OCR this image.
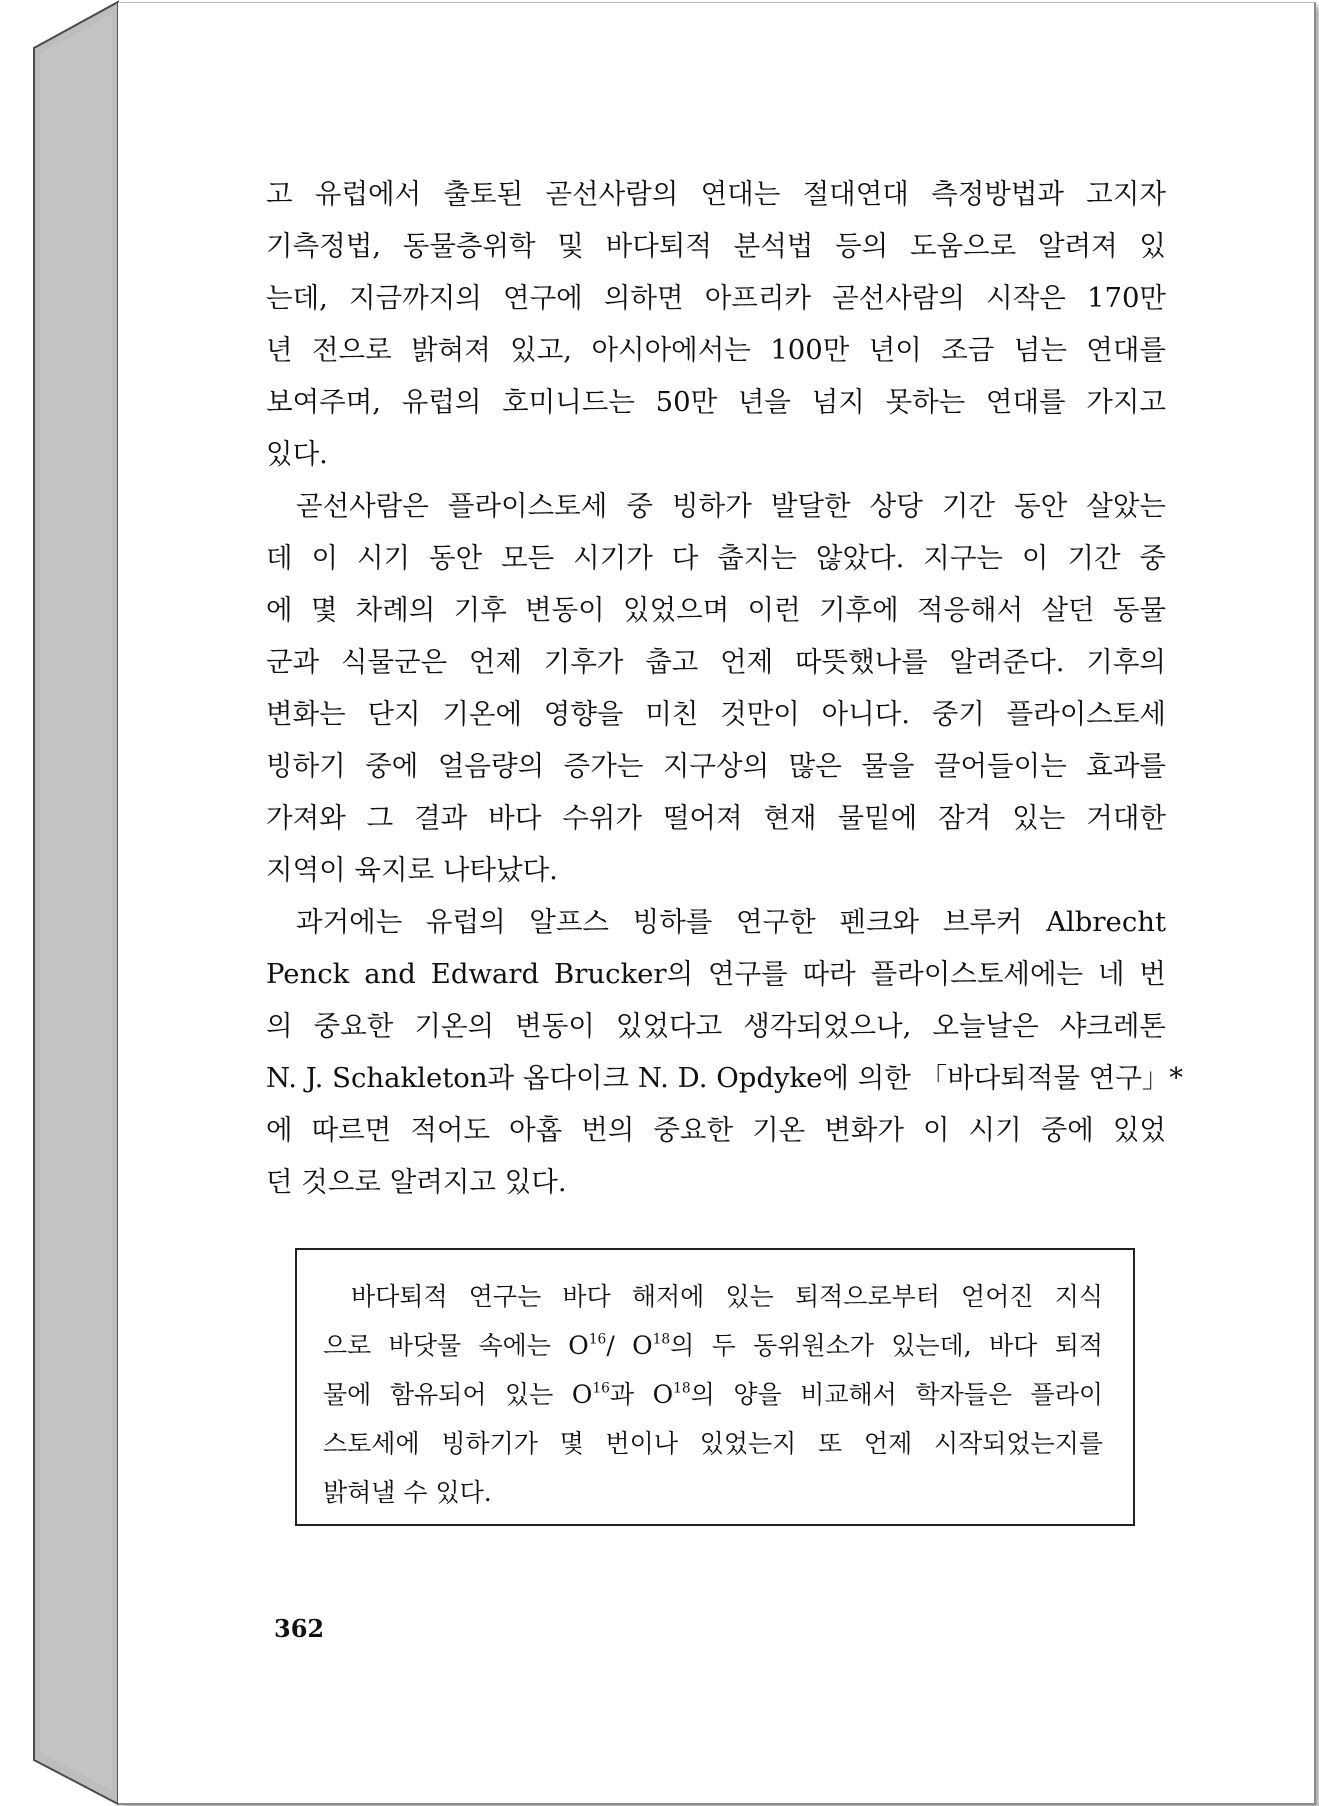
고 유럽에서 출토된 곧선사람의 연대는 절대연대 측정방법과 고지자
기측정법, 동물층위학 및 바다퇴적 분석법 등의 도움으로 알려져 있
는데, 지금까지의 연구에 의하면 아프리카 곧선사람의 시작은 170만
년 전으로 밝혀져 있고, 아시아에서는 100만 년이 조금 넘는 연대를
보여주며, 유럽의 호미니드는 50만 년을 넘지 못하는 연대를 가지고
있다.

곧선사람은 플라이스토세 중 빙하가 발달한 상당 기간 동안 살았는
데 이 시기 동안 모든 시기가 다 춥지는 않았다. 지구는 이 기간 중
에 몇 차례의 기후 변동이 있었으며 이런 기후에 적응해서 살던 동물
군과 식물군은 언제 기후가 춥고 언제 따뜻했나를 알려준다. 기후의
변화는 단지 기온에 영향을 미친 것만이 아니다. 중기 플라이스토세
빙하기 중에 얼음량의 증가는 지구상의 많은 물을 끌어들이는 효과를
가져와 그 결과 바다 수위가 떨어져 현재 물밑에 잠겨 있는 거대한
지역이 육지로 나타났다.

과거에는 유럽의 알프스 빙하를 연구한 펜크와 브루커 Albrecht
Penck and Edward Brucker의 연구를 따라 플라이스토세에는 네 번
의 중요한 기온의 변동이 있었다고 생각되었으나, 오늘날은 샤크레톤
N. J. Schakleton과 옵다이크 N. D. Opdyke에 의한 「바다퇴적물 연구」*
에 따르면 적어도 아홉 번의 중요한 기온 변화가 이 시기 중에 있었
던 것으로 알려지고 있다.

바다퇴적 연구는 바다 해저에 있는 퇴적으로부터 얻어진 지식
으로 바닷물 속에는 $O^{16}/$ $O^{18}$의 두 동위원소가 있는데, 바다 퇴적
물에 함유되어 있는 $O^{16}$과 $O^{18}$의 양을 비교해서 학자들은 플라이
스토세에 빙하기가 몇 번이나 있었는지 또 언제 시작되었는지를
밝혀낼 수 있다.
362
